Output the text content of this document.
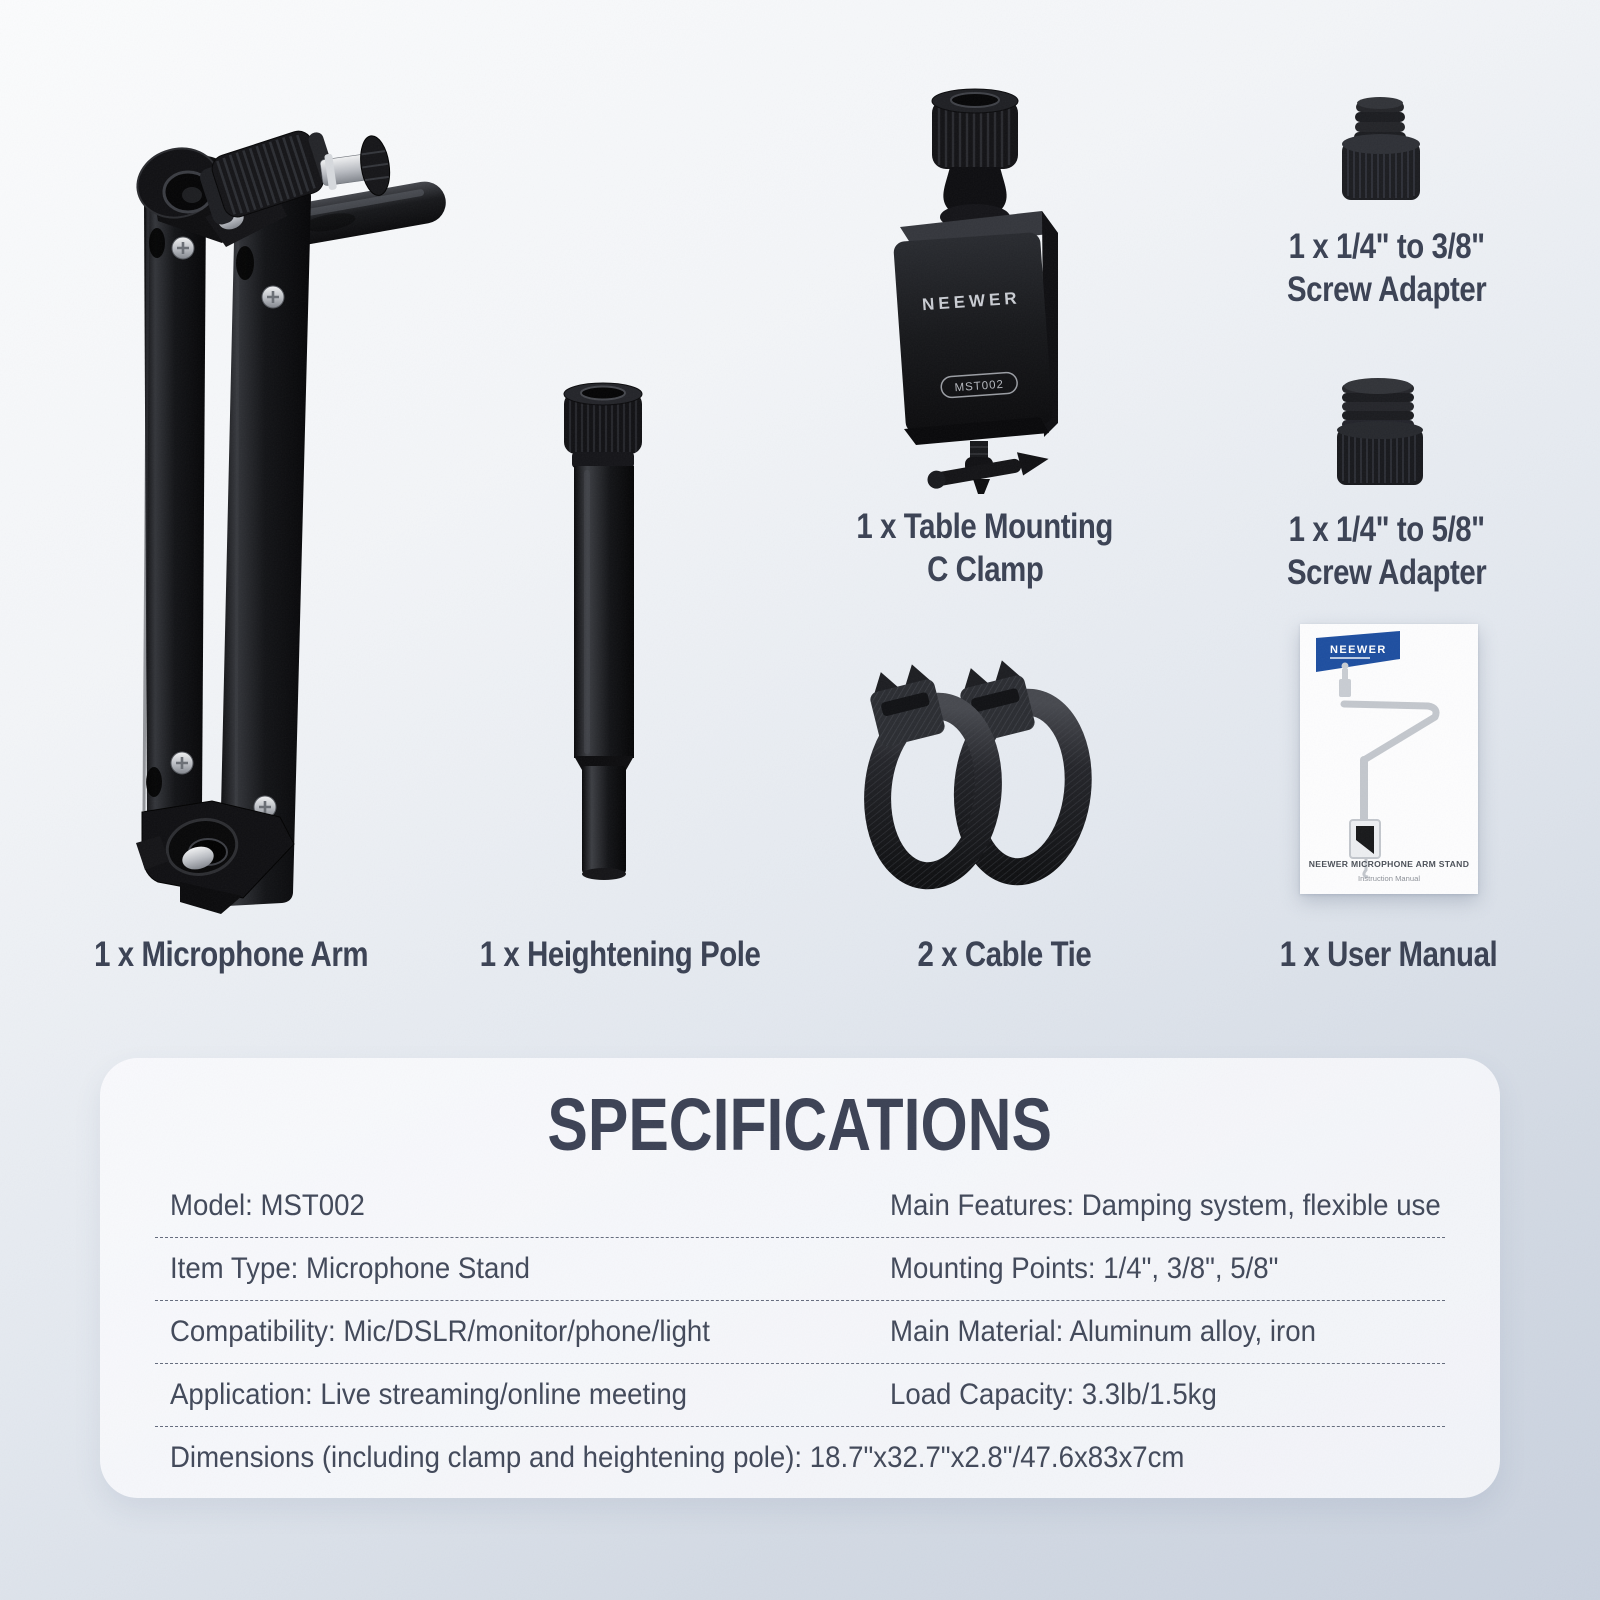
NEEWER
MST002
NEEWER
NEEWER MICROPHONE ARM STAND
Instruction Manual
1 x Microphone Arm	1 x Heightening Pole	2 x Cable Tie	1 x User Manual
1 x Table Mounting
C Clamp
1 x 1/4" to 3/8"
Screw Adapter
1 x 1/4" to 5/8"
Screw Adapter
SPECIFICATIONS
Model: MST002	Main Features: Damping system, flexible use
Item Type: Microphone Stand	Mounting Points: 1/4", 3/8", 5/8"
Compatibility: Mic/DSLR/monitor/phone/light	Main Material: Aluminum alloy, iron
Application: Live streaming/online meeting	Load Capacity: 3.3lb/1.5kg
Dimensions (including clamp and heightening pole): 18.7"x32.7"x2.8"/47.6x83x7cm
